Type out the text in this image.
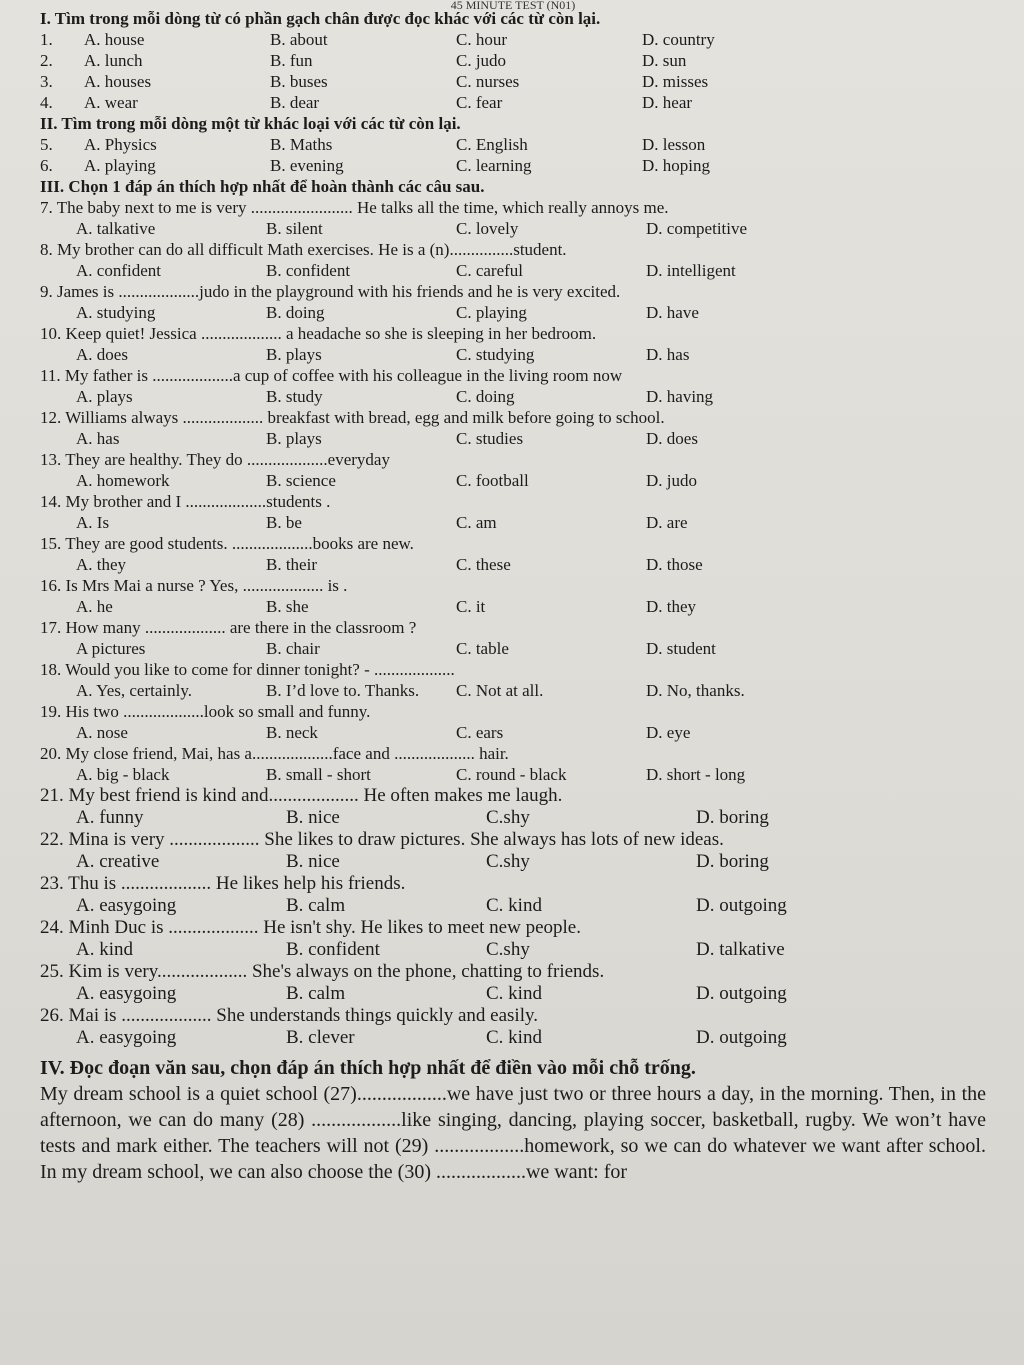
45 MINUTE TEST (N01)
I. Tìm trong mỗi dòng từ có phần gạch chân được đọc khác với các từ còn lại.
1.	A. house	B. about	C. hour	D. country
2.	A. lunch	B. fun	C. judo	D. sun
3.	A. houses	B. buses	C. nurses	D. misses
4.	A. wear	B. dear	C. fear	D. hear
II. Tìm trong mỗi dòng một từ khác loại với các từ còn lại.
5.	A. Physics	B. Maths	C. English	D. lesson
6.	A. playing	B. evening	C. learning	D. hoping
III. Chọn 1 đáp án thích hợp nhất để hoàn thành các câu sau.
7. The baby next to me is very ........................ He talks all the time, which really annoys me.
A. talkative	B. silent	C. lovely	D. competitive
8. My brother can do all difficult Math exercises. He is a (n)...............student.
A. confident	B. confident	C. careful	D. intelligent
9. James is ...................judo in the playground with his friends and he is very excited.
A. studying	B. doing	C. playing	D. have
10. Keep quiet! Jessica ................... a headache so she is sleeping in her bedroom.
A. does	B. plays	C. studying	D. has
11. My father is ...................a cup of coffee with his colleague in the living room now
A. plays	B. study	C. doing	D. having
12. Williams always ................... breakfast with bread, egg and milk before going to school.
A. has	B. plays	C. studies	D. does
13. They are healthy. They do ...................everyday
A. homework	B. science	C. football	D. judo
14. My brother and I ...................students .
A. Is	B. be	C. am	D. are
15. They are good students. ...................books are new.
A. they	B. their	C. these	D. those
16. Is Mrs Mai a nurse ? Yes, ................... is .
A. he	B. she	C. it	D. they
17. How many ................... are there in the classroom ?
A pictures	B. chair	C. table	D. student
18. Would you like to come for dinner tonight? - ...................
A. Yes, certainly.	B. I’d love to. Thanks.	C. Not at all.	D. No, thanks.
19. His two ...................look so small and funny.
A. nose	B. neck	C. ears	D. eye
20. My close friend, Mai, has a...................face and ................... hair.
A. big - black	B. small - short	C. round - black	D. short - long
21. My best friend is kind and................... He often makes me laugh.
A. funny	B. nice	C.shy	D. boring
22. Mina is very ................... She likes to draw pictures. She always has lots of new ideas.
A. creative	B. nice	C.shy	D. boring
23. Thu is ................... He likes help his friends.
A. easygoing	B. calm	C. kind	D. outgoing
24. Minh Duc is ................... He isn't shy. He likes to meet new people.
A. kind	B. confident	C.shy	D. talkative
25. Kim is very................... She's always on the phone, chatting to friends.
A. easygoing	B. calm	C. kind	D. outgoing
26. Mai is ................... She understands things quickly and easily.
A. easygoing	B. clever	C. kind	D. outgoing
IV. Đọc đoạn văn sau, chọn đáp án thích hợp nhất để điền vào mỗi chỗ trống.
My dream school is a quiet school (27)..................we have just two or three hours a day, in the morning. Then, in the afternoon, we can do many (28) ..................like singing, dancing, playing soccer, basketball, rugby. We won’t have tests and mark either. The teachers will not (29) ..................homework, so we can do whatever we want after school. In my dream school, we can also choose the (30) ..................we want: for
